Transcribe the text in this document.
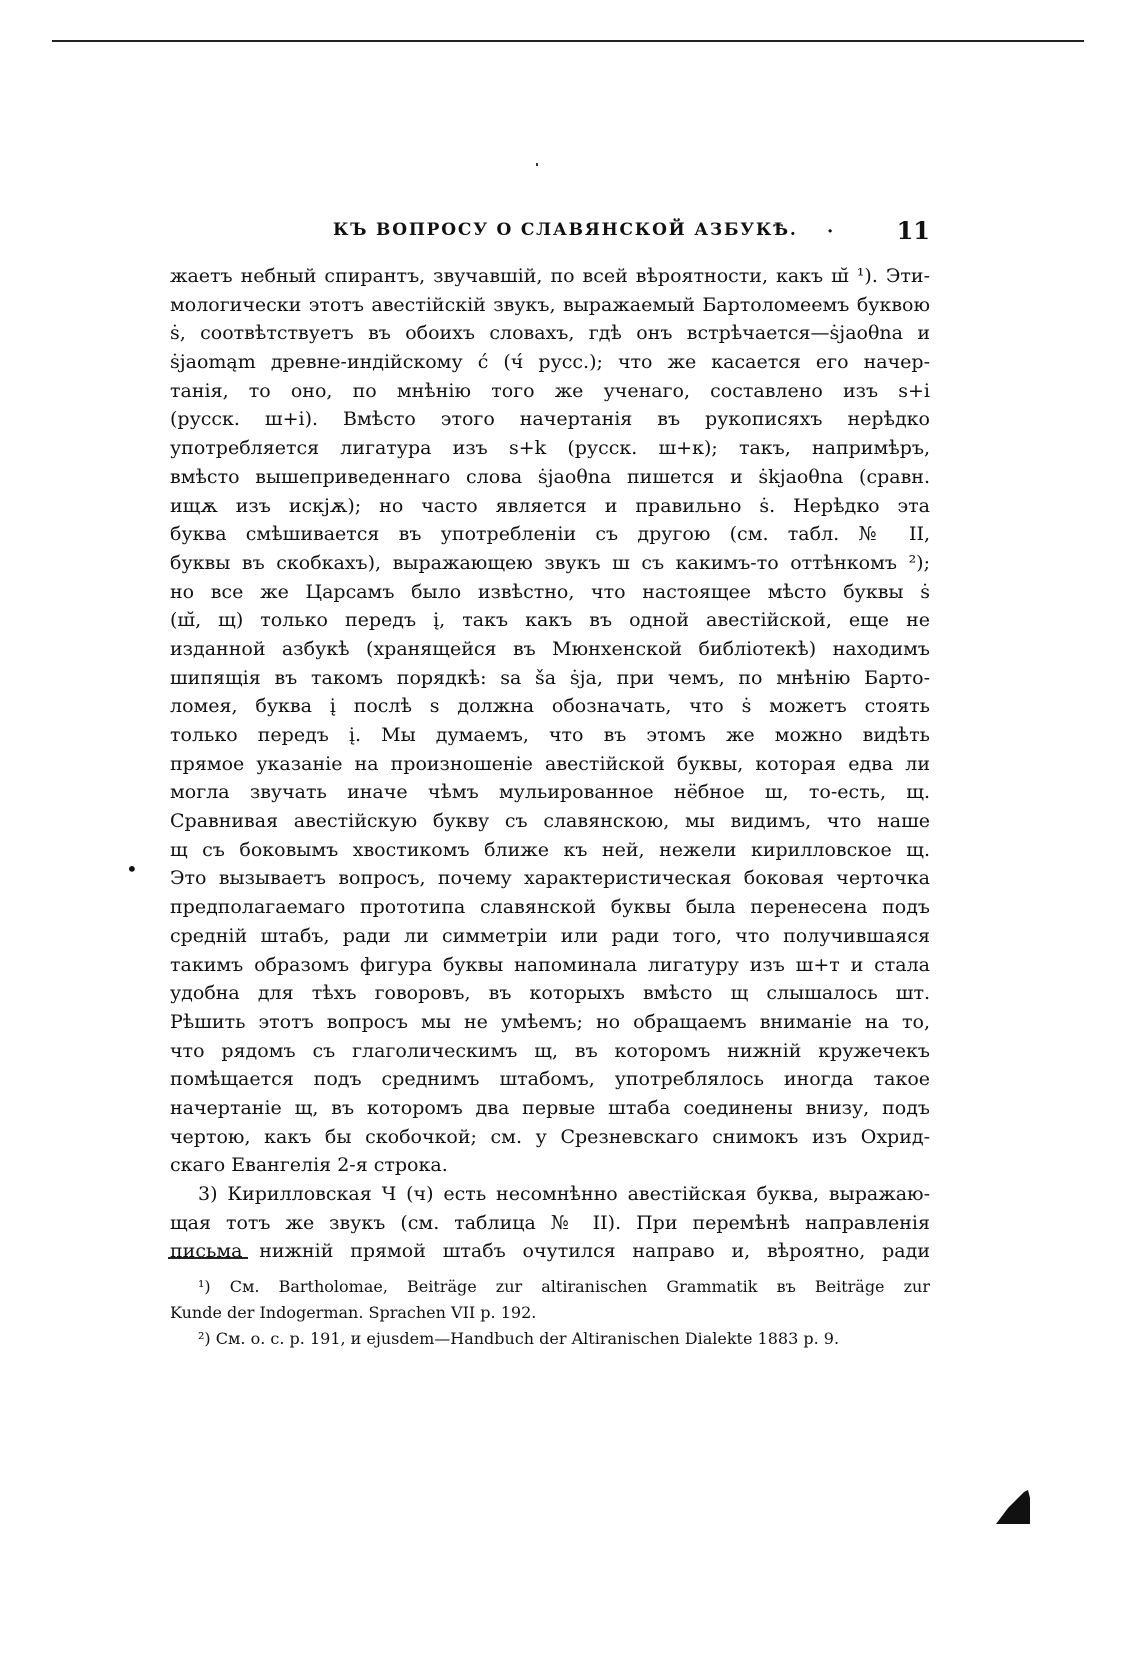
КЪ ВОПРОСУ О СЛАВЯНСКОЙ АЗБУКѢ. ·	11
жаетъ небный спирантъ, звучавшій, по всей вѣроятности, какъ ш̆ ¹). Эти-
мологически этотъ авестійскій звукъ, выражаемый Бартоломеемъ буквою
ṡ, соотвѣтствуетъ въ обоихъ словахъ, гдѣ онъ встрѣчается—ṡjaoθna и
ṡjaomąm древне-индійскому ć (ч́ русс.); что же касается его начер-
танія, то оно, по мнѣнію того же ученаго, составлено изъ s+i
(русск. ш+i). Вмѣсто этого начертанія въ рукописяхъ нерѣдко
употребляется лигатура изъ s+k (русск. ш+к); такъ, напримѣръ,
вмѣсто вышеприведеннаго слова ṡjaoθna пишется и ṡkjaoθna (сравн.
ищѫ изъ искjѫ); но часто является и правильно ṡ. Нерѣдко эта
буква смѣшивается въ употребленіи съ другою (см. табл. № II,
буквы въ скобкахъ), выражающею звукъ ш съ какимъ-то оттѣнкомъ ²);
но все же Царсамъ было извѣстно, что настоящее мѣсто буквы ṡ
(ш̆, щ) только передъ į, такъ какъ въ одной авестійской, еще не
изданной азбукѣ (хранящейся въ Мюнхенской библіотекѣ) находимъ
шипящія въ такомъ порядкѣ: sa ša ṡja, при чемъ, по мнѣнію Барто-
ломея, буква į послѣ s должна обозначать, что ṡ можетъ стоять
только передъ į. Мы думаемъ, что въ этомъ же можно видѣть
прямое указаніе на произношеніе авестійской буквы, которая едва ли
могла звучать иначе чѣмъ мульированное нёбное ш, то-есть, щ.
Сравнивая авестійскую букву съ славянскою, мы видимъ, что наше
щ съ боковымъ хвостикомъ ближе къ ней, нежели кирилловское щ.
Это вызываетъ вопросъ, почему характеристическая боковая черточка
предполагаемаго прототипа славянской буквы была перенесена подъ
средній штабъ, ради ли симметріи или ради того, что получившаяся
такимъ образомъ фигура буквы напоминала лигатуру изъ ш+т и стала
удобна для тѣхъ говоровъ, въ которыхъ вмѣсто щ слышалось шт.
Рѣшить этотъ вопросъ мы не умѣемъ; но обращаемъ вниманіе на то,
что рядомъ съ глаголическимъ щ, въ которомъ нижній кружечекъ
помѣщается подъ среднимъ штабомъ, употреблялось иногда такое
начертаніе щ, въ которомъ два первые штаба соединены внизу, подъ
чертою, какъ бы скобочкой; см. у Срезневскаго снимокъ изъ Охрид-
скаго Евангелія 2-я строка.
3) Кирилловская Ч (ч) есть несомнѣнно авестійская буква, выражаю-
щая тотъ же звукъ (см. таблица № II). При перемѣнѣ направленія
письма нижній прямой штабъ очутился направо и, вѣроятно, ради
•
¹) См. Bartholomae, Beiträge zur altiranischen Grammatik въ Beiträge zur
Kunde der Indogerman. Sprachen VII p. 192.
²) См. о. с. р. 191, и ejusdem—Handbuch der Altiranischen Dialekte 1883 p. 9.
